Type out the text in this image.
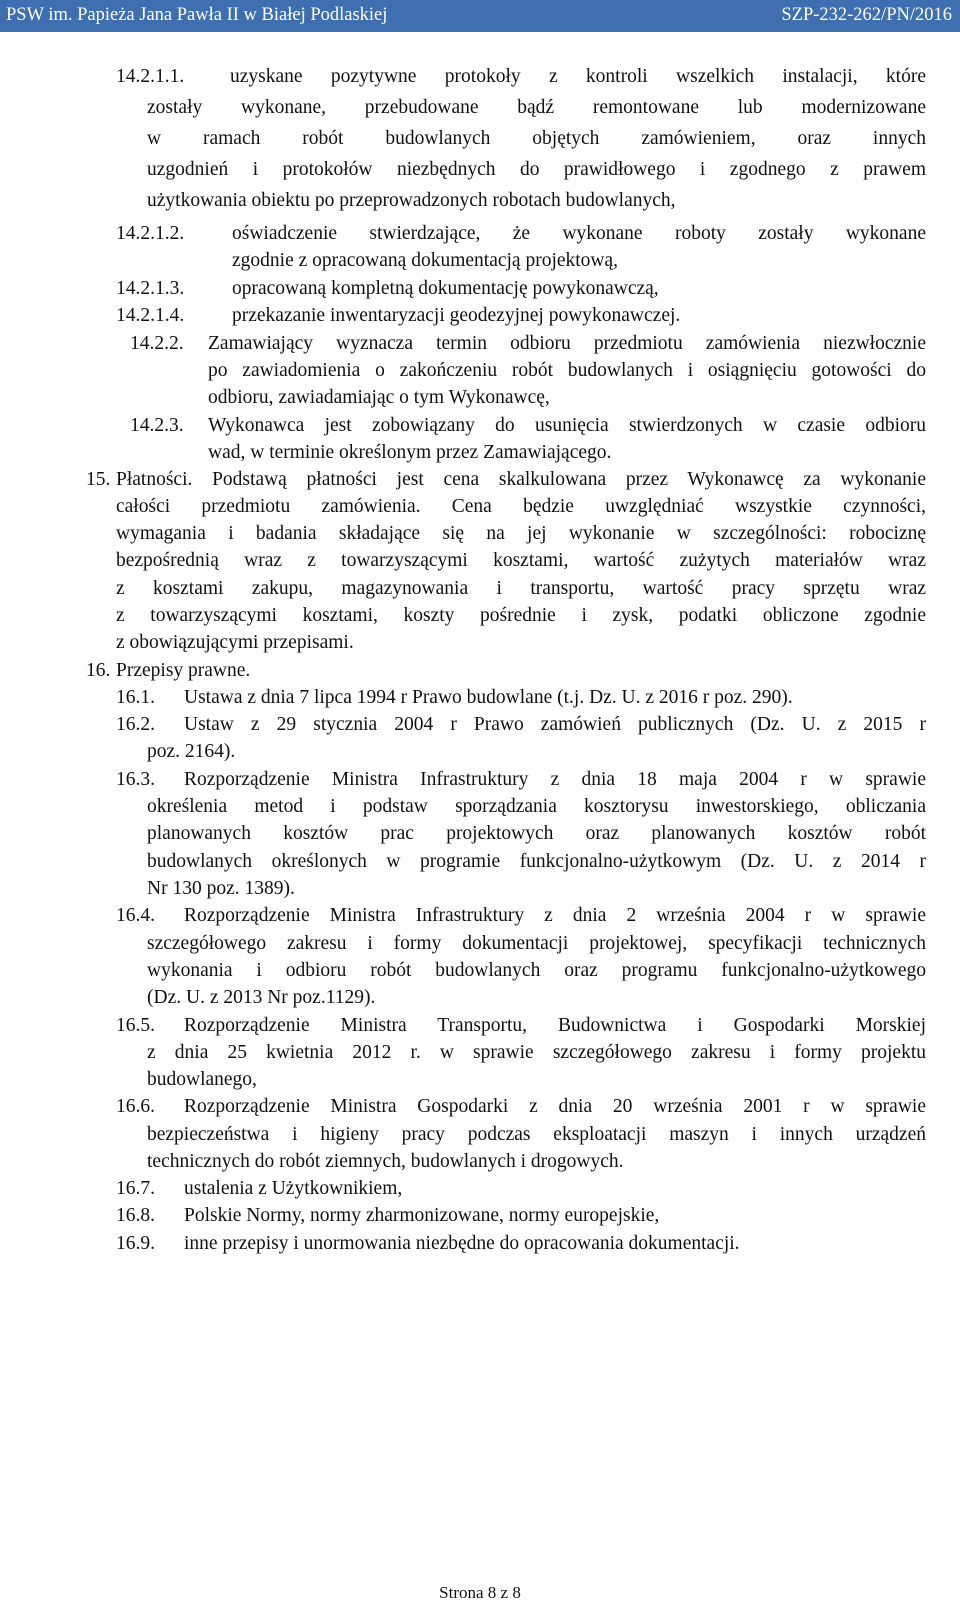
PSW im. Papieża Jana Pawła II w Białej Podlaskiej	SZP-232-262/PN/2016
14.2.1.1. uzyskane pozytywne protokoły z kontroli wszelkich instalacji, które
zostały wykonane, przebudowane bądź remontowane lub modernizowane
w ramach robót budowlanych objętych zamówieniem, oraz innych
uzgodnień i protokołów niezbędnych do prawidłowego i zgodnego z prawem
użytkowania obiektu po przeprowadzonych robotach budowlanych,
14.2.1.2. oświadczenie stwierdzające, że wykonane roboty zostały wykonane
zgodnie z opracowaną dokumentacją projektową,
14.2.1.3. opracowaną kompletną dokumentację powykonawczą,
14.2.1.4. przekazanie inwentaryzacji geodezyjnej powykonawczej.
14.2.2. Zamawiający wyznacza termin odbioru przedmiotu zamówienia niezwłocznie
po zawiadomienia o zakończeniu robót budowlanych i osiągnięciu gotowości do
odbioru, zawiadamiając o tym Wykonawcę,
14.2.3. Wykonawca jest zobowiązany do usunięcia stwierdzonych w czasie odbioru
wad, w terminie określonym przez Zamawiającego.
15. Płatności. Podstawą płatności jest cena skalkulowana przez Wykonawcę za wykonanie
całości przedmiotu zamówienia. Cena będzie uwzględniać wszystkie czynności,
wymagania i badania składające się na jej wykonanie w szczególności: robociznę
bezpośrednią wraz z towarzyszącymi kosztami, wartość zużytych materiałów wraz
z kosztami zakupu, magazynowania i transportu, wartość pracy sprzętu wraz
z towarzyszącymi kosztami, koszty pośrednie i zysk, podatki obliczone zgodnie
z obowiązującymi przepisami.
16. Przepisy prawne.
16.1. Ustawa z dnia 7 lipca 1994 r Prawo budowlane (t.j. Dz. U. z 2016 r poz. 290).
16.2. Ustaw z 29 stycznia 2004 r Prawo zamówień publicznych (Dz. U. z 2015 r
poz. 2164).
16.3. Rozporządzenie Ministra Infrastruktury z dnia 18 maja 2004 r w sprawie
określenia metod i podstaw sporządzania kosztorysu inwestorskiego, obliczania
planowanych kosztów prac projektowych oraz planowanych kosztów robót
budowlanych określonych w programie funkcjonalno-użytkowym (Dz. U. z 2014 r
Nr 130 poz. 1389).
16.4. Rozporządzenie Ministra Infrastruktury z dnia 2 września 2004 r w sprawie
szczegółowego zakresu i formy dokumentacji projektowej, specyfikacji technicznych
wykonania i odbioru robót budowlanych oraz programu funkcjonalno-użytkowego
(Dz. U. z 2013 Nr poz.1129).
16.5. Rozporządzenie Ministra Transportu, Budownictwa i Gospodarki Morskiej
z dnia 25 kwietnia 2012 r. w sprawie szczegółowego zakresu i formy projektu
budowlanego,
16.6. Rozporządzenie Ministra Gospodarki z dnia 20 września 2001 r w sprawie
bezpieczeństwa i higieny pracy podczas eksploatacji maszyn i innych urządzeń
technicznych do robót ziemnych, budowlanych i drogowych.
16.7. ustalenia z Użytkownikiem,
16.8. Polskie Normy, normy zharmonizowane, normy europejskie,
16.9. inne przepisy i unormowania niezbędne do opracowania dokumentacji.
Strona 8 z 8
